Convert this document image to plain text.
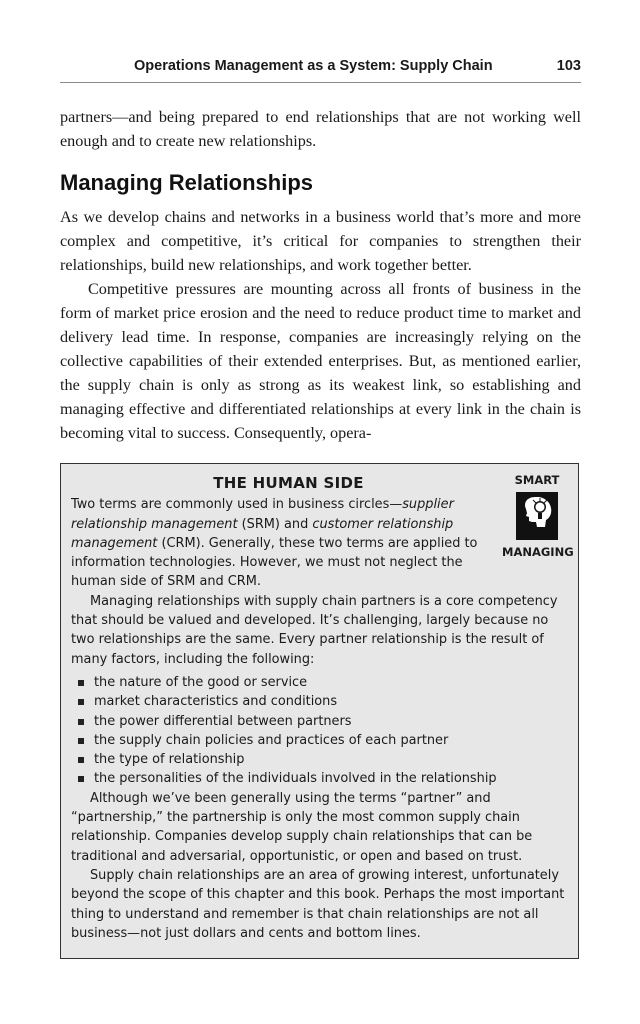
Operations Management as a System: Supply Chain	103

partners—and being prepared to end relationships that are not working well enough and to create new relationships.

Managing Relationships

As we develop chains and networks in a business world that’s more and more complex and competitive, it’s critical for companies to strengthen their relationships, build new relationships, and work together better.

Competitive pressures are mounting across all fronts of business in the form of market price erosion and the need to reduce product time to market and delivery lead time. In response, companies are increasingly relying on the collective capabilities of their extended enterprises. But, as mentioned earlier, the supply chain is only as strong as its weakest link, so establishing and managing effective and differentiated relationships at every link in the chain is becoming vital to success. Consequently, opera-

SMART
MANAGING

THE HUMAN SIDE

Two terms are commonly used in business circles—supplier relationship management (SRM) and customer relationship management (CRM). Generally, these two terms are applied to information technologies. However, we must not neglect the human side of SRM and CRM.

Managing relationships with supply chain partners is a core competency that should be valued and developed. It’s challenging, largely because no two relationships are the same. Every partner relationship is the result of many factors, including the following:

the nature of the good or service
market characteristics and conditions
the power differential between partners
the supply chain policies and practices of each partner
the type of relationship
the personalities of the individuals involved in the relationship

Although we’ve been generally using the terms “partner” and “partnership,” the partnership is only the most common supply chain relationship. Companies develop supply chain relationships that can be traditional and adversarial, opportunistic, or open and based on trust.

Supply chain relationships are an area of growing interest, unfortunately beyond the scope of this chapter and this book. Perhaps the most important thing to understand and remember is that chain relationships are not all business—not just dollars and cents and bottom lines.
